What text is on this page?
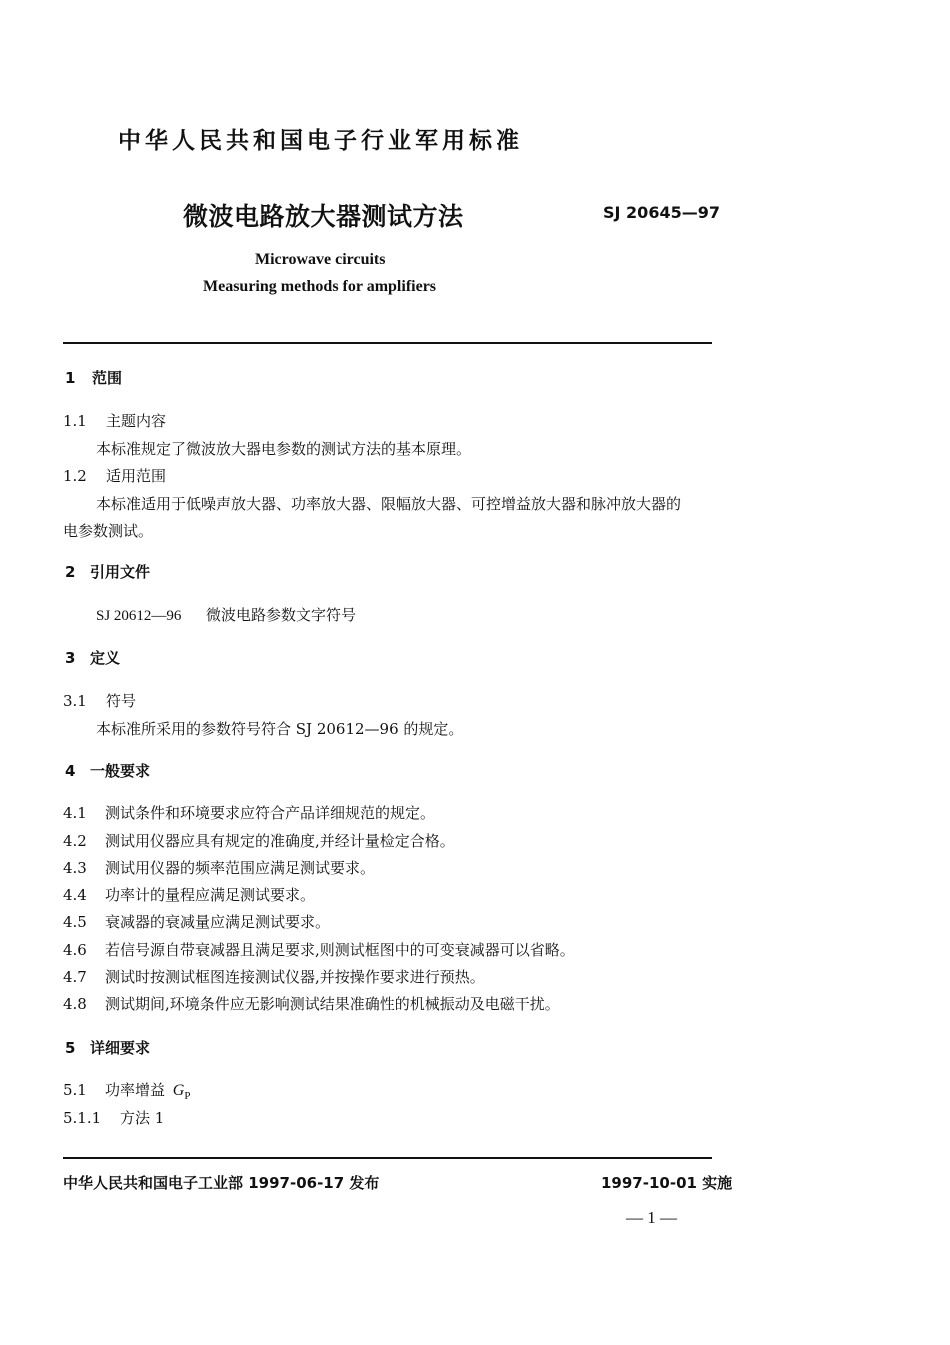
中华人民共和国电子行业军用标准
微波电路放大器测试方法	SJ 20645—97
Microwave circuits
Measuring methods for amplifiers
1 范围
1.1 主题内容
本标准规定了微波放大器电参数的测试方法的基本原理。
1.2 适用范围
本标准适用于低噪声放大器、功率放大器、限幅放大器、可控增益放大器和脉冲放大器的
电参数测试。
2 引用文件
SJ 20612—96 微波电路参数文字符号
3 定义
3.1 符号
本标准所采用的参数符号符合 SJ 20612—96 的规定。
4 一般要求
4.1 测试条件和环境要求应符合产品详细规范的规定。
4.2 测试用仪器应具有规定的准确度,并经计量检定合格。
4.3 测试用仪器的频率范围应满足测试要求。
4.4 功率计的量程应满足测试要求。
4.5 衰减器的衰减量应满足测试要求。
4.6 若信号源自带衰减器且满足要求,则测试框图中的可变衰减器可以省略。
4.7 测试时按测试框图连接测试仪器,并按操作要求进行预热。
4.8 测试期间,环境条件应无影响测试结果准确性的机械振动及电磁干扰。
5 详细要求
5.1 功率增益 $G_P$
5.1.1 方法 1
中华人民共和国电子工业部 1997-06-17 发布	1997-10-01 实施
— 1 —
